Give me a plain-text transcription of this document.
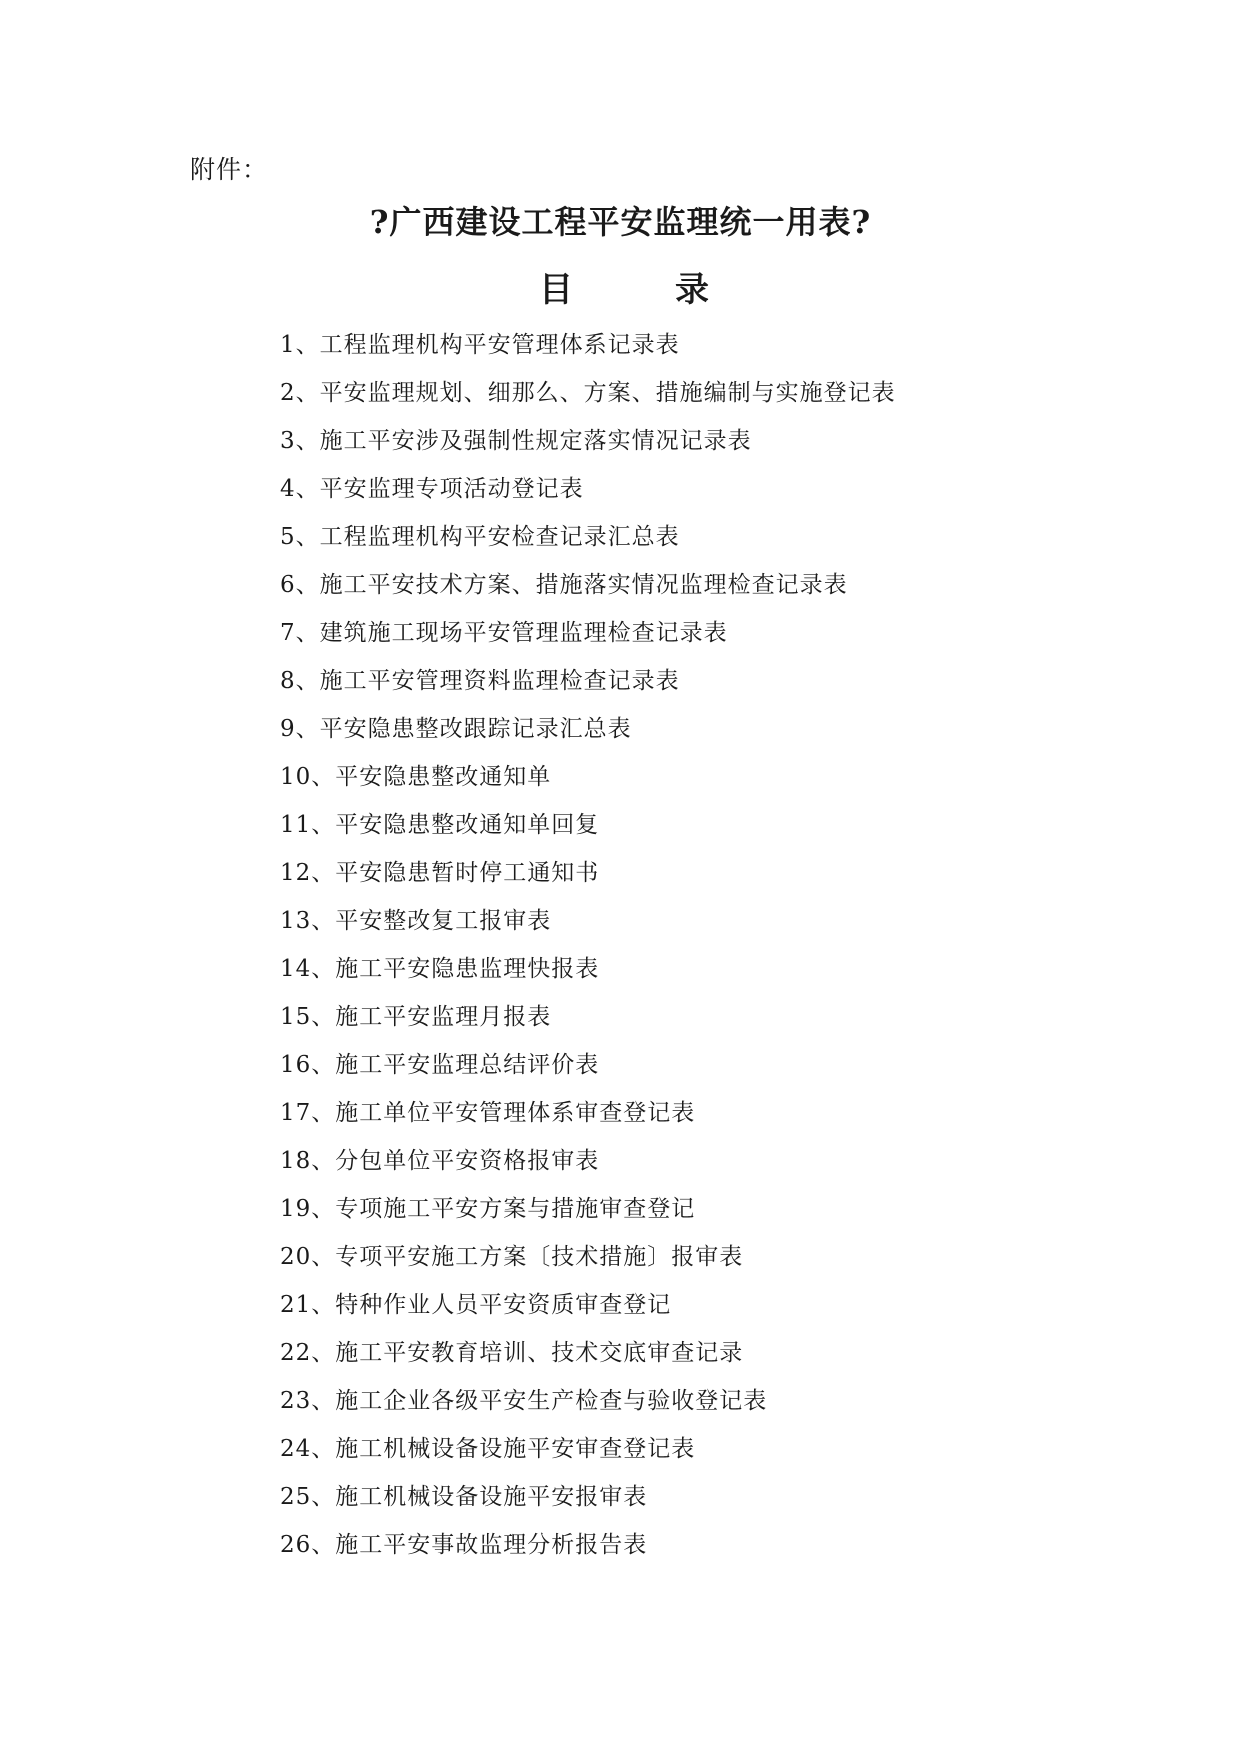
附件：
?广西建设工程平安监理统一用表?
目	录
1、工程监理机构平安管理体系记录表
2、平安监理规划、细那么、方案、措施编制与实施登记表
3、施工平安涉及强制性规定落实情况记录表
4、平安监理专项活动登记表
5、工程监理机构平安检查记录汇总表
6、施工平安技术方案、措施落实情况监理检查记录表
7、建筑施工现场平安管理监理检查记录表
8、施工平安管理资料监理检查记录表
9、平安隐患整改跟踪记录汇总表
10、平安隐患整改通知单
11、平安隐患整改通知单回复
12、平安隐患暂时停工通知书
13、平安整改复工报审表
14、施工平安隐患监理快报表
15、施工平安监理月报表
16、施工平安监理总结评价表
17、施工单位平安管理体系审查登记表
18、分包单位平安资格报审表
19、专项施工平安方案与措施审查登记
20、专项平安施工方案〔技术措施〕报审表
21、特种作业人员平安资质审查登记
22、施工平安教育培训、技术交底审查记录
23、施工企业各级平安生产检查与验收登记表
24、施工机械设备设施平安审查登记表
25、施工机械设备设施平安报审表
26、施工平安事故监理分析报告表
